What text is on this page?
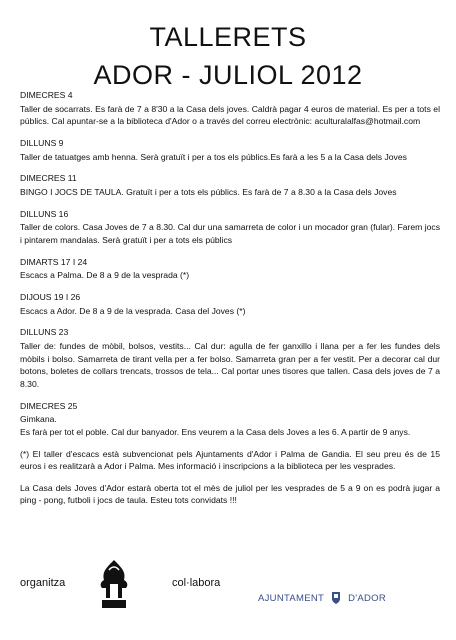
TALLERETS
ADOR - JULIOL 2012
DIMECRES 4
Taller de socarrats. Es farà de 7 a 8'30 a la Casa dels joves. Caldrà pagar 4 euros de material. Es per a tots el públics. Cal apuntar-se a la biblioteca d'Ador o a través del correu electrònic: aculturalalfas@hotmail.com
DILLUNS 9
Taller de tatuatges amb henna. Serà gratuït i per a tos els públics.Es farà a les 5 a la Casa dels Joves
DIMECRES 11
BINGO I JOCS DE TAULA. Gratuït i per a tots els públics. Es farà de 7 a 8.30 a la Casa dels Joves
DILLUNS 16
Taller de colors. Casa Joves de 7 a 8.30. Cal dur una samarreta de color i un mocador gran (fular). Farem jocs i pintarem mandalas. Serà gratuït i per a tots els públics
DIMARTS 17 I 24
Escacs a Palma. De 8 a 9 de la vesprada (*)
DIJOUS 19 I 26
Escacs a Ador. De 8 a 9 de la vesprada. Casa del Joves (*)
DILLUNS 23
Taller de: fundes de mòbil, bolsos, vestits... Cal dur: agulla de fer ganxillo i llana per a fer les fundes dels mòbils i bolso. Samarreta de tirant vella per a fer bolso. Samarreta gran per a fer vestit. Per a decorar cal dur botons, boletes de collars trencats, trossos de tela... Cal portar unes tisores que tallen. Casa dels joves de 7 a 8.30.
DIMECRES 25
Gimkana.
Es farà per tot el poble. Cal dur banyador. Ens veurem a la Casa dels Joves a les 6. A partir de 9 anys.
(*) El taller d'escacs està subvencionat pels Ajuntaments d'Ador i Palma de Gandia. El seu preu és de 15 euros i es realitzarà a Ador i Palma. Mes informació i inscripcions a la biblioteca per les vesprades.
La Casa dels Joves d'Ador estarà oberta tot el mès de juliol per les vesprades de 5 a 9 on es podrà jugar a ping - pong, futboli i jocs de taula. Esteu tots convidats !!!
organitza	col·labora
AJUNTAMENT	D'ADOR
